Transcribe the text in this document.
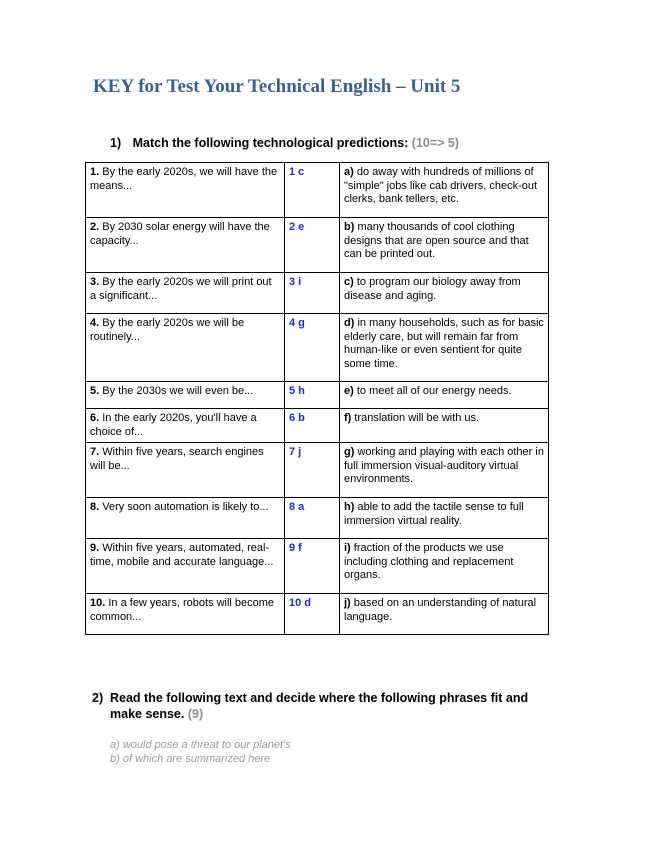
KEY for Test Your Technical English – Unit 5
1) Match the following technological predictions: (10=> 5)
1. By the early 2020s, we will have the means...	1 c	a) do away with hundreds of millions of "simple" jobs like cab drivers, check-out clerks, bank tellers, etc.
2. By 2030 solar energy will have the capacity...	2 e	b) many thousands of cool clothing designs that are open source and that can be printed out.
3. By the early 2020s we will print out a significant...	3 i	c) to program our biology away from disease and aging.
4. By the early 2020s we will be routinely...	4 g	d) in many households, such as for basic elderly care, but will remain far from human-like or even sentient for quite some time.
5. By the 2030s we will even be...	5 h	e) to meet all of our energy needs.
6. In the early 2020s, you'll have a choice of...	6 b	f) translation will be with us.
7. Within five years, search engines will be...	7 j	g) working and playing with each other in full immersion visual-auditory virtual environments.
8. Very soon automation is likely to...	8 a	h) able to add the tactile sense to full immersion virtual reality.
9. Within five years, automated, real-time, mobile and accurate language...	9 f	i) fraction of the products we use including clothing and replacement organs.
10. In a few years, robots will become common...	10 d	j) based on an understanding of natural language.
2) Read the following text and decide where the following phrases fit and
make sense. (9)
a) would pose a threat to our planet's
b) of which are summarized here
